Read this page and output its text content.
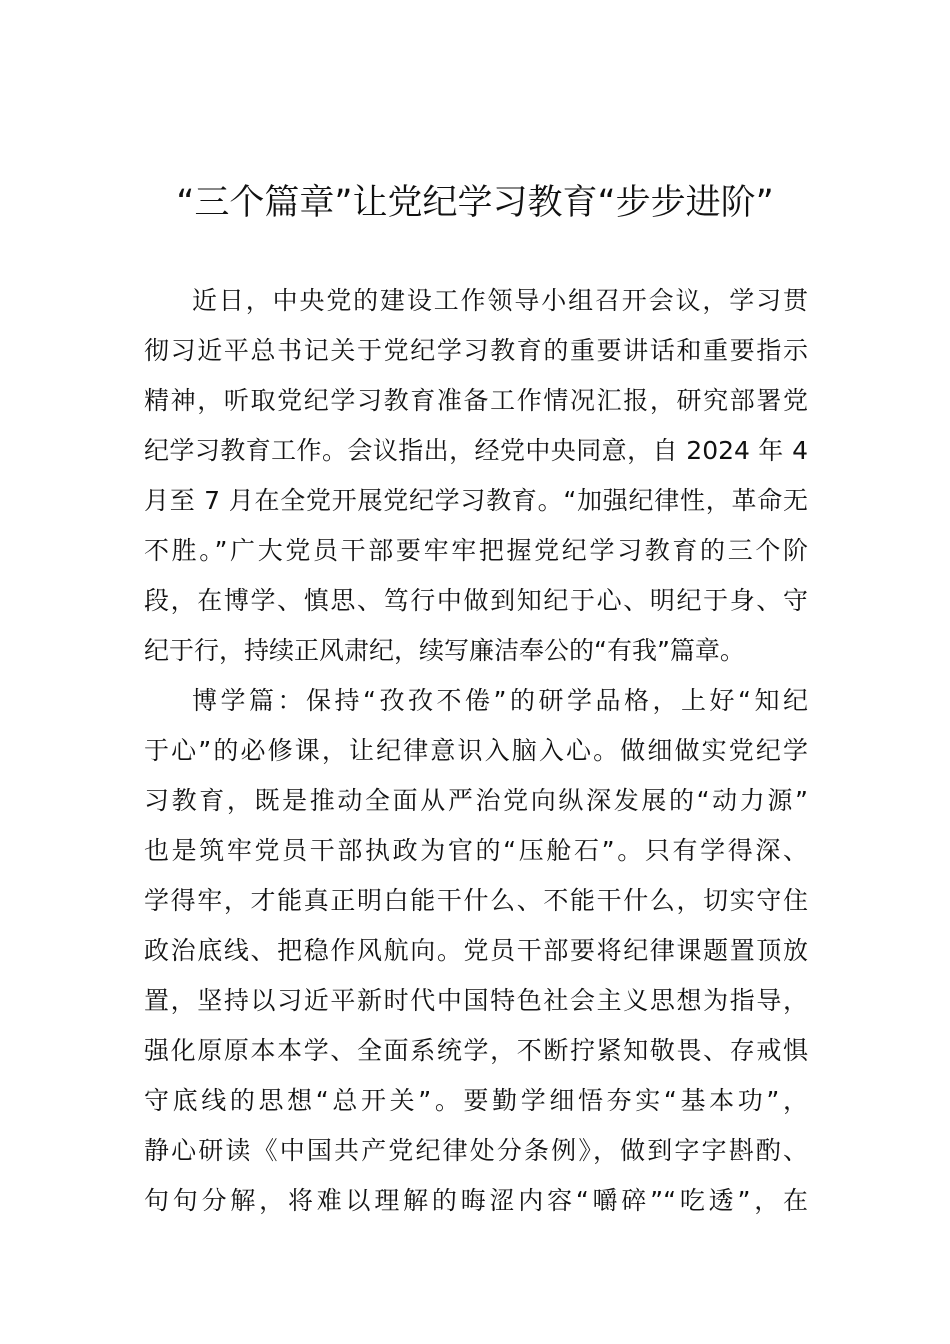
“三个篇章”让党纪学习教育“步步进阶”
近日，中央党的建设工作领导小组召开会议，学习贯
彻习近平总书记关于党纪学习教育的重要讲话和重要指示
精神，听取党纪学习教育准备工作情况汇报，研究部署党
纪学习教育工作。会议指出，经党中央同意，自 2024 年 4
月至 7 月在全党开展党纪学习教育。“加强纪律性，革命无
不胜。”广大党员干部要牢牢把握党纪学习教育的三个阶
段，在博学、慎思、笃行中做到知纪于心、明纪于身、守
纪于行，持续正风肃纪，续写廉洁奉公的“有我”篇章。
博学篇：保持“孜孜不倦”的研学品格，上好“知纪
于心”的必修课，让纪律意识入脑入心。做细做实党纪学
习教育，既是推动全面从严治党向纵深发展的“动力源”
也是筑牢党员干部执政为官的“压舱石”。只有学得深、
学得牢，才能真正明白能干什么、不能干什么，切实守住
政治底线、把稳作风航向。党员干部要将纪律课题置顶放
置，坚持以习近平新时代中国特色社会主义思想为指导，
强化原原本本学、全面系统学，不断拧紧知敬畏、存戒惧
守底线的思想“总开关”。要勤学细悟夯实“基本功”，
静心研读《中国共产党纪律处分条例》，做到字字斟酌、
句句分解，将难以理解的晦涩内容“嚼碎”“吃透”，在
